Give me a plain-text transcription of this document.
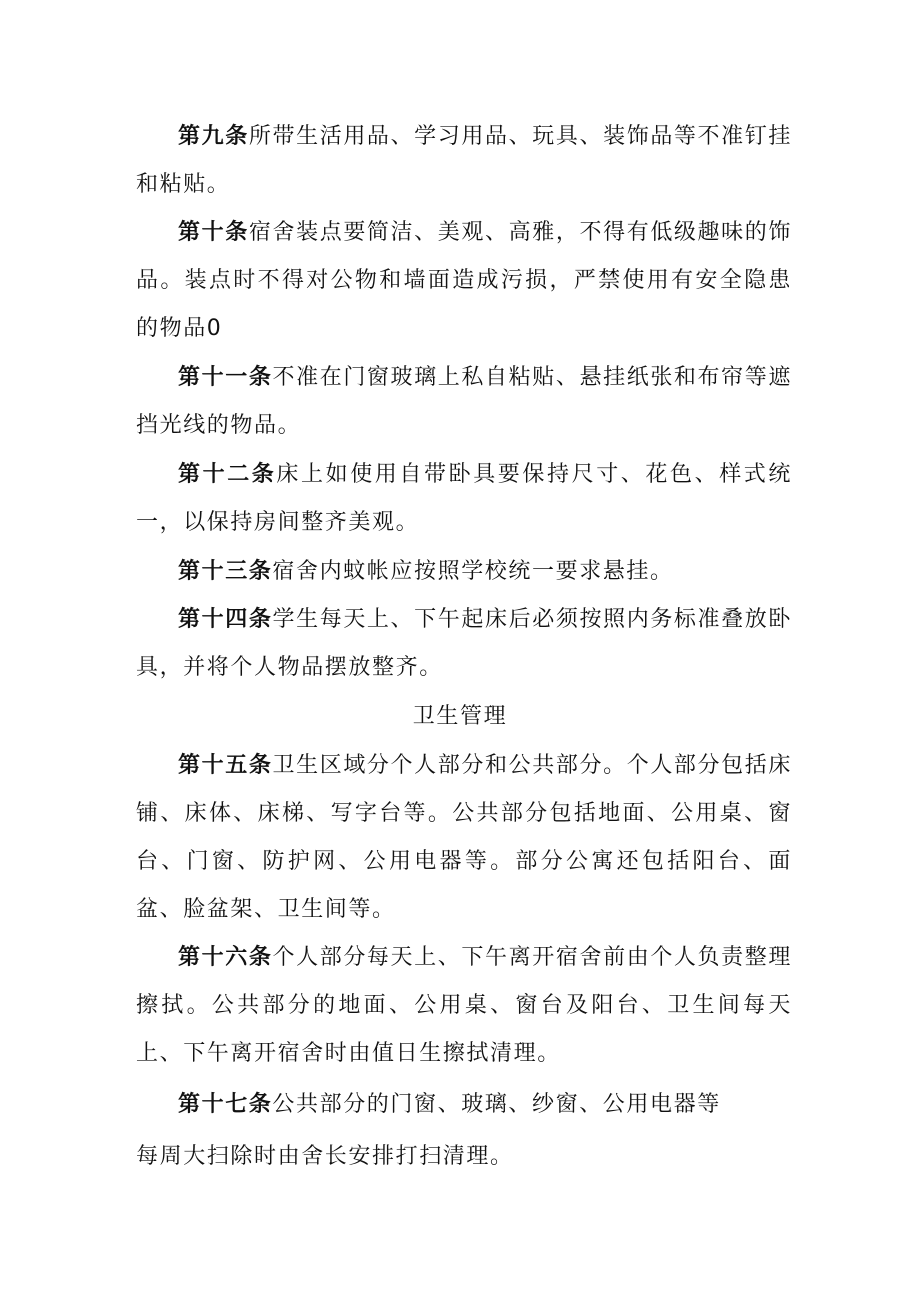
第九条所带生活用品、学习用品、玩具、装饰品等不准钉挂和粘贴。

第十条宿舍装点要简洁、美观、高雅，不得有低级趣味的饰品。装点时不得对公物和墙面造成污损，严禁使用有安全隐患的物品0

第十一条不准在门窗玻璃上私自粘贴、悬挂纸张和布帘等遮挡光线的物品。

第十二条床上如使用自带卧具要保持尺寸、花色、样式统一，以保持房间整齐美观。

第十三条宿舍内蚊帐应按照学校统一要求悬挂。

第十四条学生每天上、下午起床后必须按照内务标准叠放卧具，并将个人物品摆放整齐。

卫生管理

第十五条卫生区域分个人部分和公共部分。个人部分包括床铺、床体、床梯、写字台等。公共部分包括地面、公用桌、窗台、门窗、防护网、公用电器等。部分公寓还包括阳台、面盆、脸盆架、卫生间等。

第十六条个人部分每天上、下午离开宿舍前由个人负责整理擦拭。公共部分的地面、公用桌、窗台及阳台、卫生间每天上、下午离开宿舍时由值日生擦拭清理。

第十七条公共部分的门窗、玻璃、纱窗、公用电器等

每周大扫除时由舍长安排打扫清理。
